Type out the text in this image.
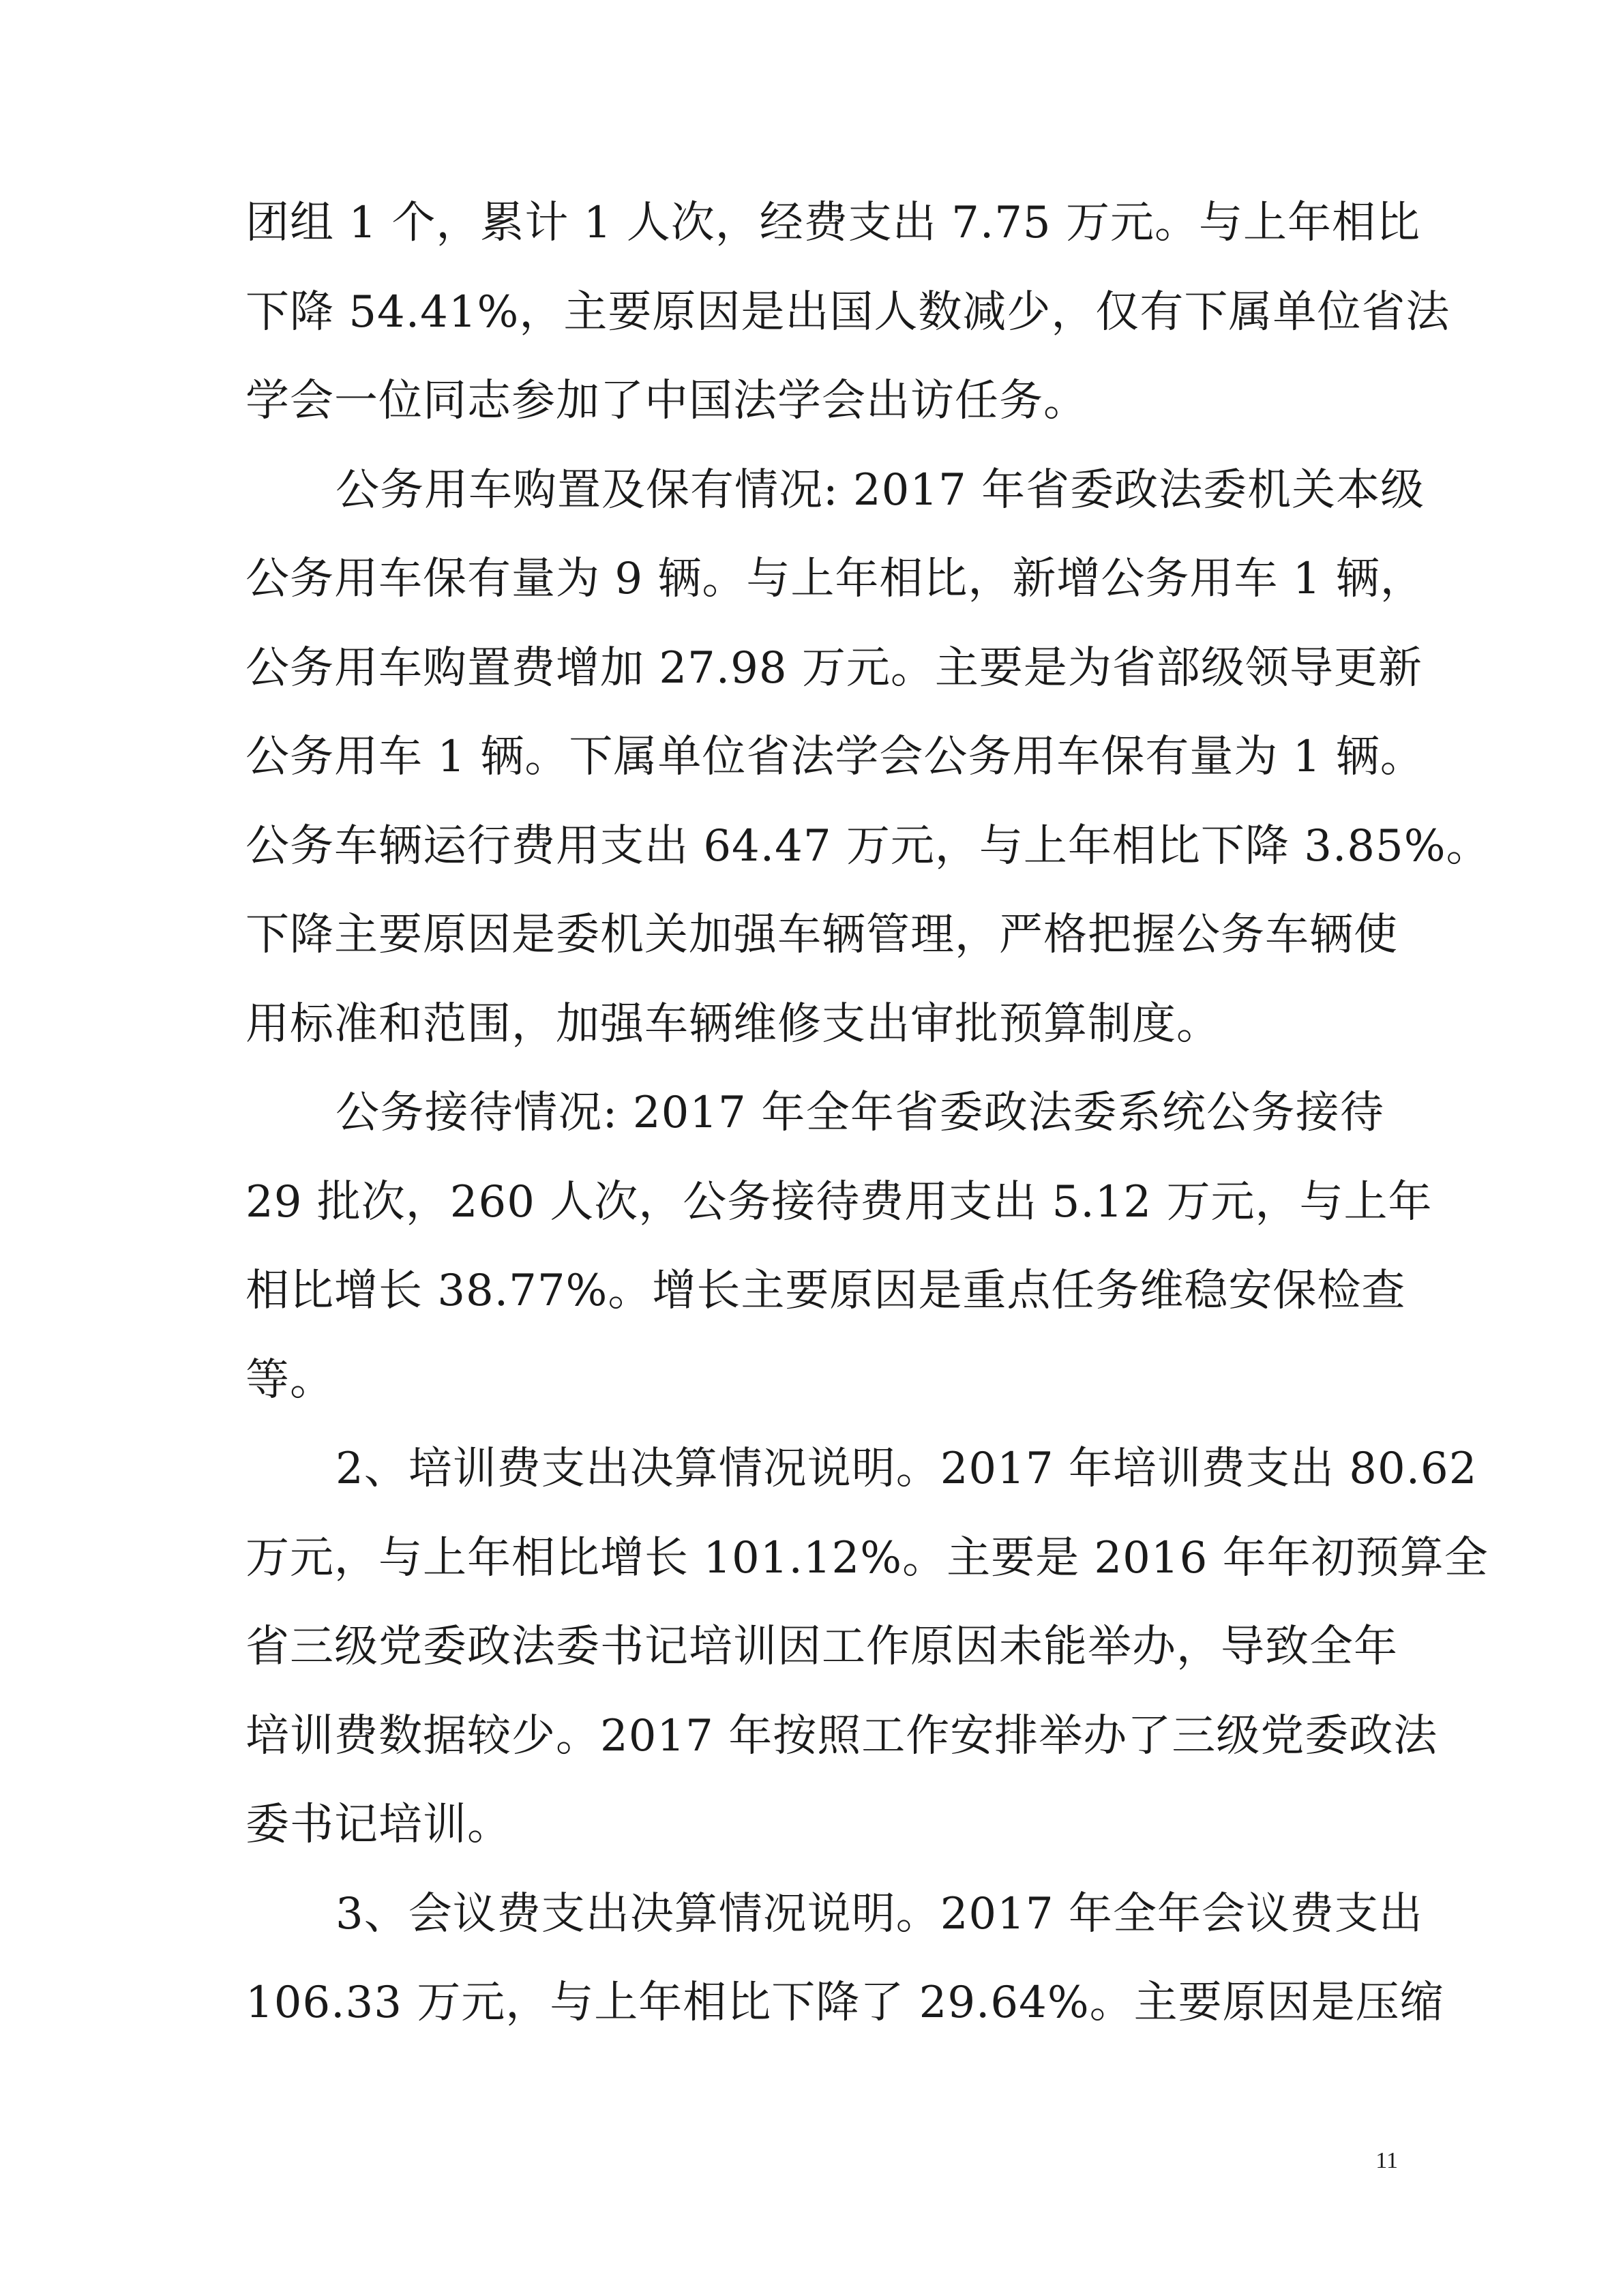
团组 1 个，累计 1 人次，经费支出 7.75 万元。与上年相比

下降 54.41%，主要原因是出国人数减少，仅有下属单位省法

学会一位同志参加了中国法学会出访任务。

公务用车购置及保有情况: 2017 年省委政法委机关本级

公务用车保有量为 9 辆。与上年相比，新增公务用车 1 辆，

公务用车购置费增加 27.98 万元。主要是为省部级领导更新

公务用车 1 辆。下属单位省法学会公务用车保有量为 1 辆。

公务车辆运行费用支出 64.47 万元，与上年相比下降 3.85%。

下降主要原因是委机关加强车辆管理，严格把握公务车辆使

用标准和范围，加强车辆维修支出审批预算制度。

公务接待情况: 2017 年全年省委政法委系统公务接待

29 批次，260 人次，公务接待费用支出 5.12 万元，与上年

相比增长 38.77%。增长主要原因是重点任务维稳安保检查

等。

2、培训费支出决算情况说明。2017 年培训费支出 80.62

万元，与上年相比增长 101.12%。主要是 2016 年年初预算全

省三级党委政法委书记培训因工作原因未能举办，导致全年

培训费数据较少。2017 年按照工作安排举办了三级党委政法

委书记培训。

3、会议费支出决算情况说明。2017 年全年会议费支出

106.33 万元，与上年相比下降了 29.64%。主要原因是压缩

11
